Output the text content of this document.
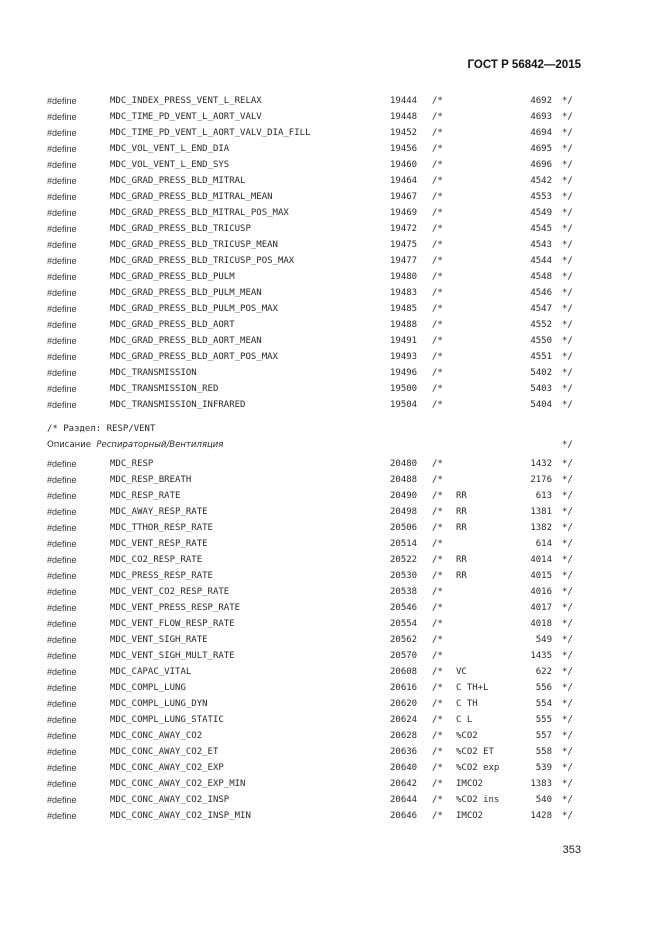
ГОСТ Р 56842—2015
#define	MDC_INDEX_PRESS_VENT_L_RELAX	19444 /*	4692 */
#define	MDC_TIME_PD_VENT_L_AORT_VALV	19448 /*	4693 */
#define	MDC_TIME_PD_VENT_L_AORT_VALV_DIA_FILL	19452 /*	4694 */
#define	MDC_VOL_VENT_L_END_DIA	19456 /*	4695 */
#define	MDC_VOL_VENT_L_END_SYS	19460 /*	4696 */
#define	MDC_GRAD_PRESS_BLD_MITRAL	19464 /*	4542 */
#define	MDC_GRAD_PRESS_BLD_MITRAL_MEAN	19467 /*	4553 */
#define	MDC_GRAD_PRESS_BLD_MITRAL_POS_MAX	19469 /*	4549 */
#define	MDC_GRAD_PRESS_BLD_TRICUSP	19472 /*	4545 */
#define	MDC_GRAD_PRESS_BLD_TRICUSP_MEAN	19475 /*	4543 */
#define	MDC_GRAD_PRESS_BLD_TRICUSP_POS_MAX	19477 /*	4544 */
#define	MDC_GRAD_PRESS_BLD_PULM	19480 /*	4548 */
#define	MDC_GRAD_PRESS_BLD_PULM_MEAN	19483 /*	4546 */
#define	MDC_GRAD_PRESS_BLD_PULM_POS_MAX	19485 /*	4547 */
#define	MDC_GRAD_PRESS_BLD_AORT	19488 /*	4552 */
#define	MDC_GRAD_PRESS_BLD_AORT_MEAN	19491 /*	4550 */
#define	MDC_GRAD_PRESS_BLD_AORT_POS_MAX	19493 /*	4551 */
#define	MDC_TRANSMISSION	19496 /*	5402 */
#define	MDC_TRANSMISSION_RED	19500 /*	5403 */
#define	MDC_TRANSMISSION_INFRARED	19504 /*	5404 */
/* Раздел: RESP/VENT
Описание Респираторный/Вентиляция	*/
#define	MDC_RESP	20480 /*	1432 */
#define	MDC_RESP_BREATH	20488 /*	2176 */
#define	MDC_RESP_RATE	20490 /* RR	613 */
#define	MDC_AWAY_RESP_RATE	20498 /* RR	1381 */
#define	MDC_TTHOR_RESP_RATE	20506 /* RR	1382 */
#define	MDC_VENT_RESP_RATE	20514 /*	614 */
#define	MDC_CO2_RESP_RATE	20522 /* RR	4014 */
#define	MDC_PRESS_RESP_RATE	20530 /* RR	4015 */
#define	MDC_VENT_CO2_RESP_RATE	20538 /*	4016 */
#define	MDC_VENT_PRESS_RESP_RATE	20546 /*	4017 */
#define	MDC_VENT_FLOW_RESP_RATE	20554 /*	4018 */
#define	MDC_VENT_SIGH_RATE	20562 /*	549 */
#define	MDC_VENT_SIGH_MULT_RATE	20570 /*	1435 */
#define	MDC_CAPAC_VITAL	20608 /* VC	622 */
#define	MDC_COMPL_LUNG	20616 /* C TH+L	556 */
#define	MDC_COMPL_LUNG_DYN	20620 /* C TH	554 */
#define	MDC_COMPL_LUNG_STATIC	20624 /* C L	555 */
#define	MDC_CONC_AWAY_CO2	20628 /* %CO2	557 */
#define	MDC_CONC_AWAY_CO2_ET	20636 /* %CO2 ET	558 */
#define	MDC_CONC_AWAY_CO2_EXP	20640 /* %CO2 exp	539 */
#define	MDC_CONC_AWAY_CO2_EXP_MIN	20642 /* IMCO2	1383 */
#define	MDC_CONC_AWAY_CO2_INSP	20644 /* %CO2 ins	540 */
#define	MDC_CONC_AWAY_CO2_INSP_MIN	20646 /* IMCO2	1428 */
353
